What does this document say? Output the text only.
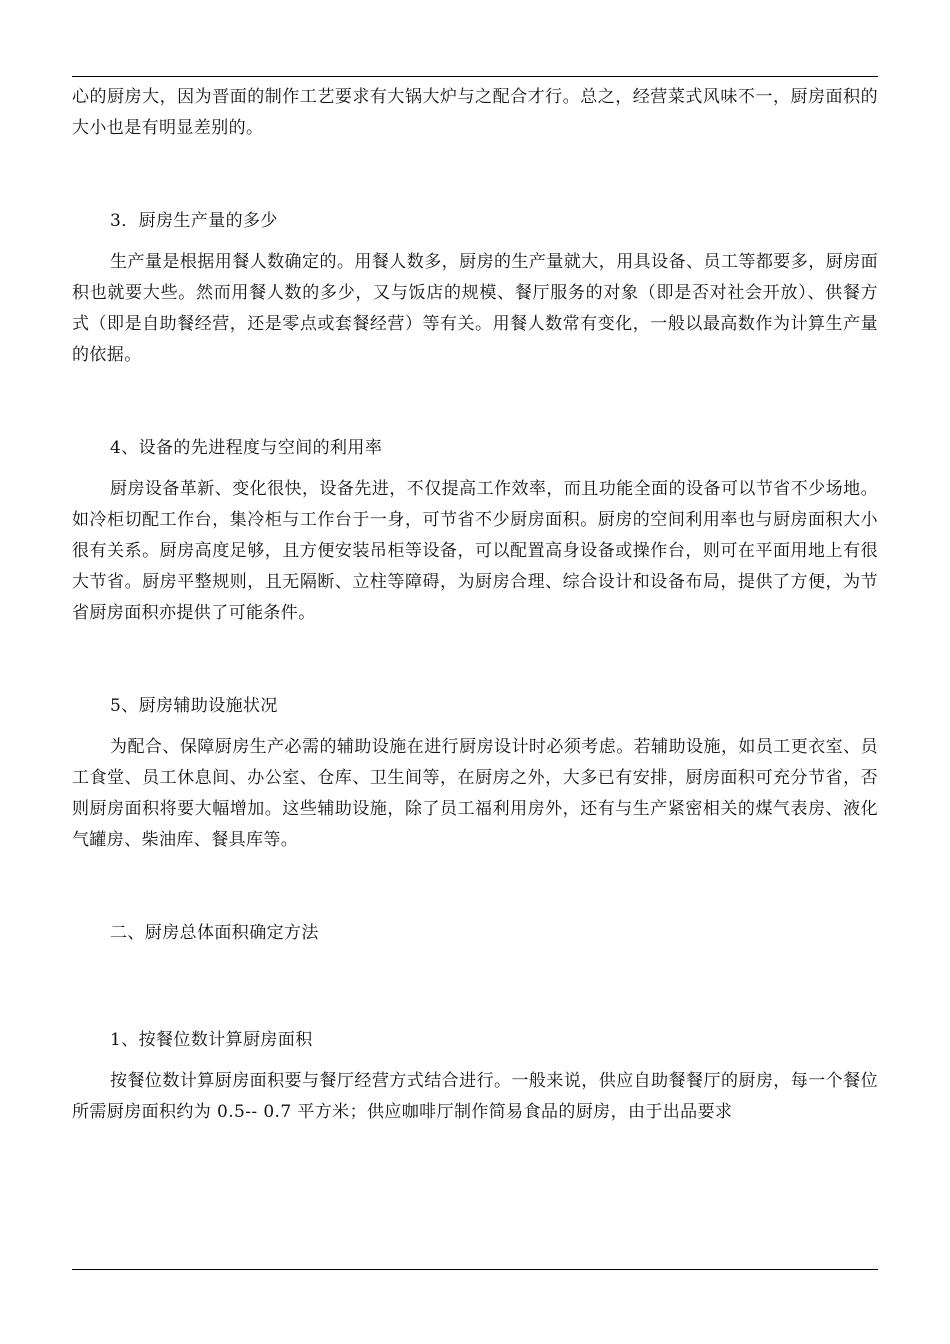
心的厨房大，因为晋面的制作工艺要求有大锅大炉与之配合才行。总之，经营菜式风味不一，厨房面积的大小也是有明显差别的。

3．厨房生产量的多少

生产量是根据用餐人数确定的。用餐人数多，厨房的生产量就大，用具设备、员工等都要多，厨房面积也就要大些。然而用餐人数的多少，又与饭店的规模、餐厅服务的对象（即是否对社会开放）、供餐方式（即是自助餐经营，还是零点或套餐经营）等有关。用餐人数常有变化，一般以最高数作为计算生产量的依据。

4、设备的先进程度与空间的利用率

厨房设备革新、变化很快，设备先进，不仅提高工作效率，而且功能全面的设备可以节省不少场地。如冷柜切配工作台，集冷柜与工作台于一身，可节省不少厨房面积。厨房的空间利用率也与厨房面积大小很有关系。厨房高度足够，且方便安装吊柜等设备，可以配置高身设备或操作台，则可在平面用地上有很大节省。厨房平整规则，且无隔断、立柱等障碍，为厨房合理、综合设计和设备布局，提供了方便，为节省厨房面积亦提供了可能条件。

5、厨房辅助设施状况

为配合、保障厨房生产必需的辅助设施在进行厨房设计时必须考虑。若辅助设施，如员工更衣室、员工食堂、员工休息间、办公室、仓库、卫生间等，在厨房之外，大多已有安排，厨房面积可充分节省，否则厨房面积将要大幅增加。这些辅助设施，除了员工福利用房外，还有与生产紧密相关的煤气表房、液化气罐房、柴油库、餐具库等。

二、厨房总体面积确定方法

1、按餐位数计算厨房面积

按餐位数计算厨房面积要与餐厅经营方式结合进行。一般来说，供应自助餐餐厅的厨房，每一个餐位所需厨房面积约为 0.5-- 0.7 平方米；供应咖啡厅制作简易食品的厨房，由于出品要求
